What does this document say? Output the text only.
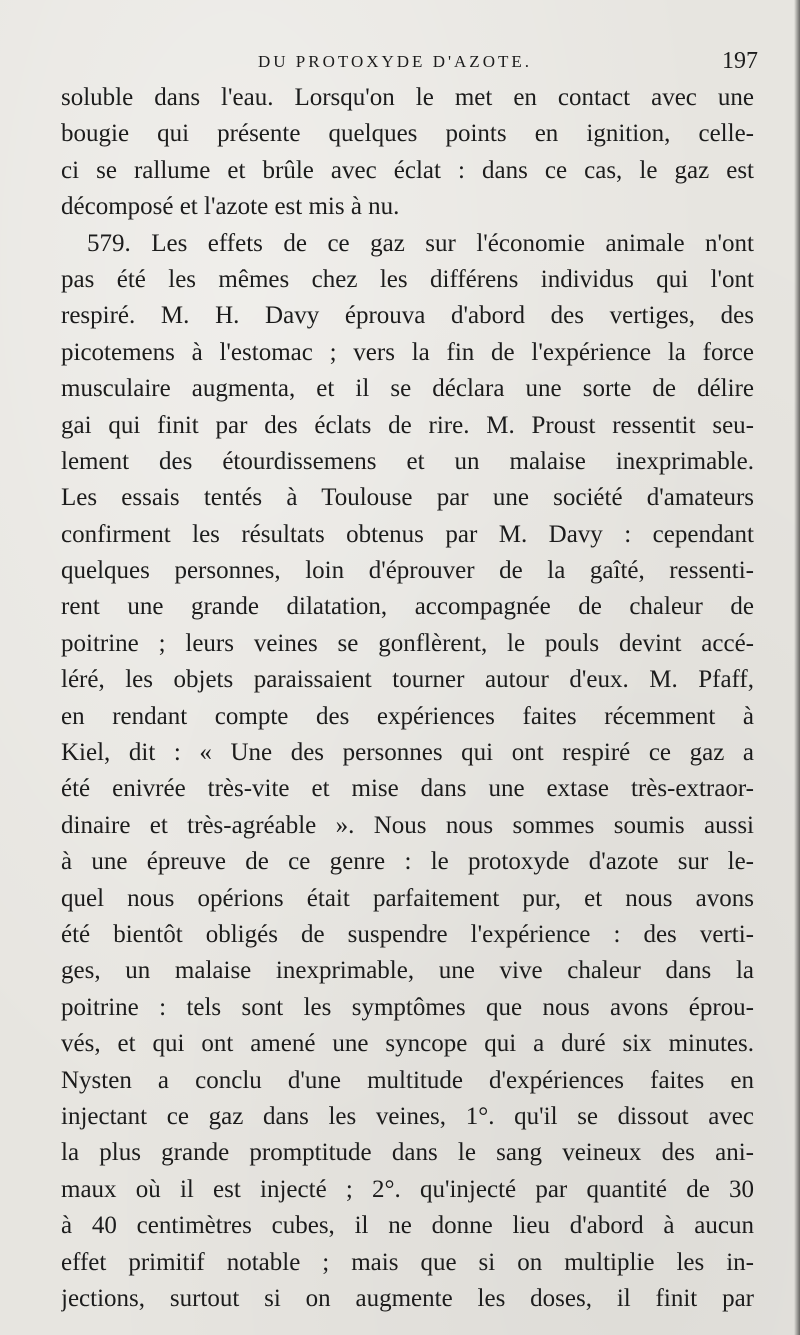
DU PROTOXYDE D'AZOTE.	197
soluble dans l'eau. Lorsqu'on le met en contact avec une
bougie qui présente quelques points en ignition, celle-
ci se rallume et brûle avec éclat : dans ce cas, le gaz est
décomposé et l'azote est mis à nu.
579. Les effets de ce gaz sur l'économie animale n'ont
pas été les mêmes chez les différens individus qui l'ont
respiré. M. H. Davy éprouva d'abord des vertiges, des
picotemens à l'estomac ; vers la fin de l'expérience la force
musculaire augmenta, et il se déclara une sorte de délire
gai qui finit par des éclats de rire. M. Proust ressentit seu-
lement des étourdissemens et un malaise inexprimable.
Les essais tentés à Toulouse par une société d'amateurs
confirment les résultats obtenus par M. Davy : cependant
quelques personnes, loin d'éprouver de la gaîté, ressenti-
rent une grande dilatation, accompagnée de chaleur de
poitrine ; leurs veines se gonflèrent, le pouls devint accé-
léré, les objets paraissaient tourner autour d'eux. M. Pfaff,
en rendant compte des expériences faites récemment à
Kiel, dit : « Une des personnes qui ont respiré ce gaz a
été enivrée très-vite et mise dans une extase très-extraor-
dinaire et très-agréable ». Nous nous sommes soumis aussi
à une épreuve de ce genre : le protoxyde d'azote sur le-
quel nous opérions était parfaitement pur, et nous avons
été bientôt obligés de suspendre l'expérience : des verti-
ges, un malaise inexprimable, une vive chaleur dans la
poitrine : tels sont les symptômes que nous avons éprou-
vés, et qui ont amené une syncope qui a duré six minutes.
Nysten a conclu d'une multitude d'expériences faites en
injectant ce gaz dans les veines, 1°. qu'il se dissout avec
la plus grande promptitude dans le sang veineux des ani-
maux où il est injecté ; 2°. qu'injecté par quantité de 30
à 40 centimètres cubes, il ne donne lieu d'abord à aucun
effet primitif notable ; mais que si on multiplie les in-
jections, surtout si on augmente les doses, il finit par
